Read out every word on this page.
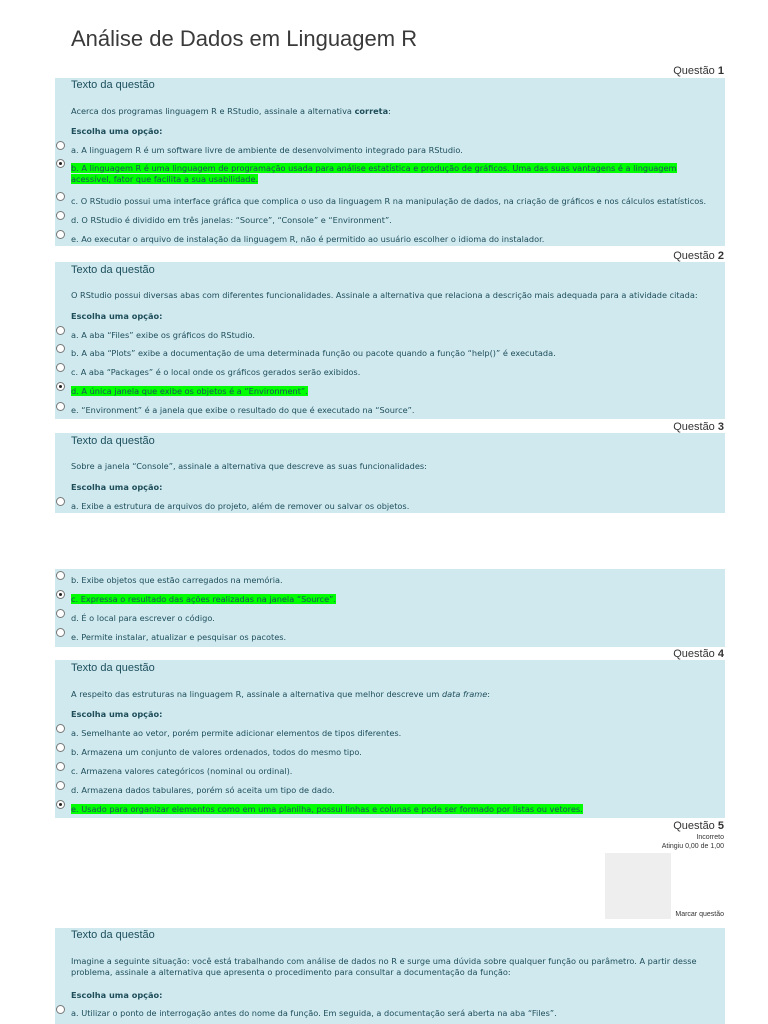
Análise de Dados em Linguagem R
Questão 1
Texto da questão
Acerca dos programas linguagem R e RStudio, assinale a alternativa correta:
Escolha uma opção:
a. A linguagem R é um software livre de ambiente de desenvolvimento integrado para RStudio.
b. A linguagem R é uma linguagem de programação usada para análise estatística e produção de gráficos. Uma das suas vantagens é a linguagem acessível, fator que facilita a sua usabilidade.
c. O RStudio possui uma interface gráfica que complica o uso da linguagem R na manipulação de dados, na criação de gráficos e nos cálculos estatísticos.
d. O RStudio é dividido em três janelas: “Source”, “Console” e “Environment”.
e. Ao executar o arquivo de instalação da linguagem R, não é permitido ao usuário escolher o idioma do instalador.
Questão 2
Texto da questão
O RStudio possui diversas abas com diferentes funcionalidades. Assinale a alternativa que relaciona a descrição mais adequada para a atividade citada:
Escolha uma opção:
a. A aba “Files” exibe os gráficos do RStudio.
b. A aba “Plots” exibe a documentação de uma determinada função ou pacote quando a função “help()” é executada.
c. A aba “Packages” é o local onde os gráficos gerados serão exibidos.
d. A única janela que exibe os objetos é a “Environment”.
e. “Environment” é a janela que exibe o resultado do que é executado na “Source”.
Questão 3
Texto da questão
Sobre a janela “Console”, assinale a alternativa que descreve as suas funcionalidades:
Escolha uma opção:
a. Exibe a estrutura de arquivos do projeto, além de remover ou salvar os objetos.
b. Exibe objetos que estão carregados na memória.
c. Expressa o resultado das ações realizadas na janela “Source”.
d. É o local para escrever o código.
e. Permite instalar, atualizar e pesquisar os pacotes.
Questão 4
Texto da questão
A respeito das estruturas na linguagem R, assinale a alternativa que melhor descreve um data frame:
Escolha uma opção:
a. Semelhante ao vetor, porém permite adicionar elementos de tipos diferentes.
b. Armazena um conjunto de valores ordenados, todos do mesmo tipo.
c. Armazena valores categóricos (nominal ou ordinal).
d. Armazena dados tabulares, porém só aceita um tipo de dado.
e. Usado para organizar elementos como em uma planilha, possui linhas e colunas e pode ser formado por listas ou vetores.
Questão 5
Incorreto
Atingiu 0,00 de 1,00
Marcar questão
Texto da questão
Imagine a seguinte situação: você está trabalhando com análise de dados no R e surge uma dúvida sobre qualquer função ou parâmetro. A partir desse problema, assinale a alternativa que apresenta o procedimento para consultar a documentação da função:
Escolha uma opção:
a. Utilizar o ponto de interrogação antes do nome da função. Em seguida, a documentação será aberta na aba “Files”.
